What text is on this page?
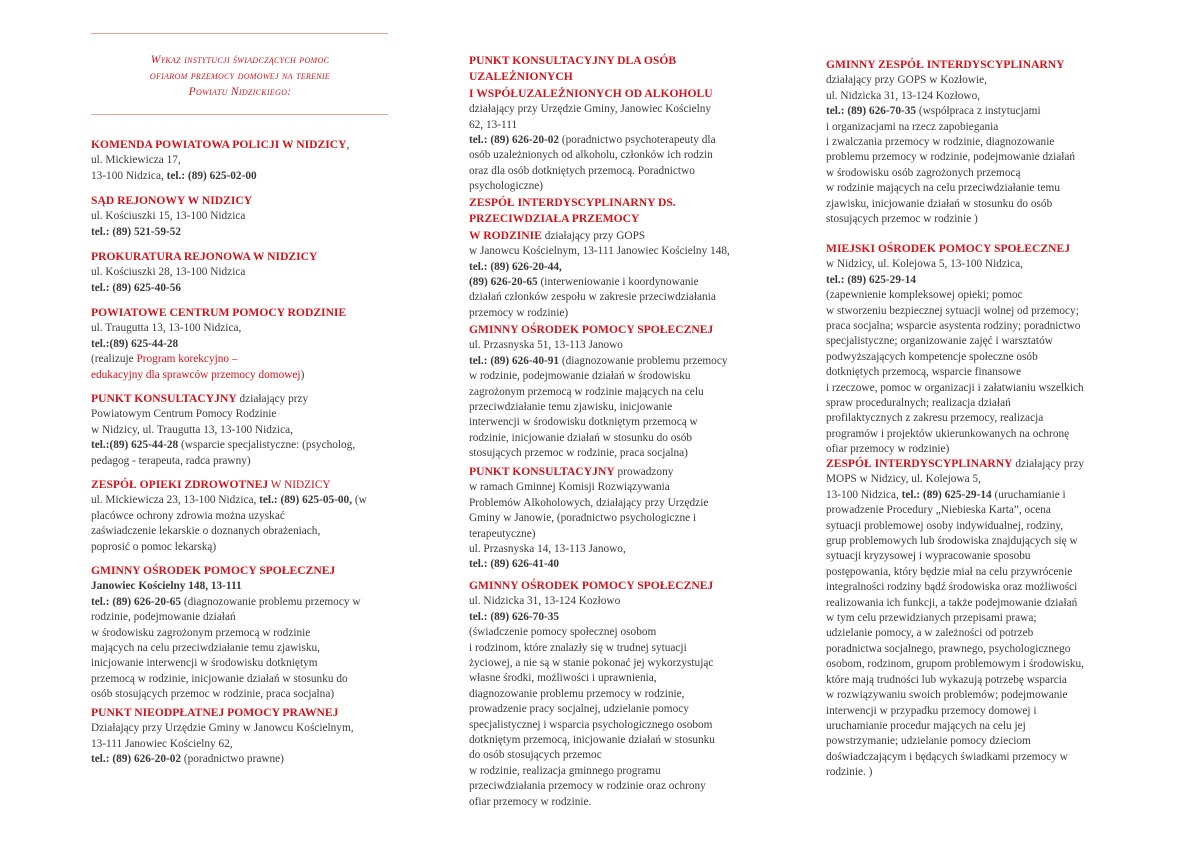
Wykaz instytucji świadczących pomoc
ofiarom przemocy domowej na terenie
Powiatu Nidzickiego:
KOMENDA POWIATOWA POLICJI W NIDZICY,
ul. Mickiewicza 17,
13-100 Nidzica, tel.: (89) 625-02-00
SĄD REJONOWY W NIDZICY
ul. Kościuszki 15, 13-100 Nidzica
tel.: (89) 521-59-52
PROKURATURA REJONOWA W NIDZICY
ul. Kościuszki 28, 13-100 Nidzica
tel.: (89) 625-40-56
POWIATOWE CENTRUM POMOCY RODZINIE
ul. Traugutta 13, 13-100 Nidzica,
tel.:(89) 625-44-28
(realizuje Program korekcyjno –
edukacyjny dla sprawców przemocy domowej)
PUNKT KONSULTACYJNY działający przy
Powiatowym Centrum Pomocy Rodzinie
w Nidzicy, ul. Traugutta 13, 13-100 Nidzica,
tel.:(89) 625-44-28 (wsparcie specjalistyczne: (psycholog,
pedagog - terapeuta, radca prawny)
ZESPÓŁ OPIEKI ZDROWOTNEJ W NIDZICY
ul. Mickiewicza 23, 13-100 Nidzica, tel.: (89) 625-05-00, (w
placówce ochrony zdrowia można uzyskać
zaświadczenie lekarskie o doznanych obrażeniach,
poprosić o pomoc lekarską)
GMINNY OŚRODEK POMOCY SPOŁECZNEJ
Janowiec Kościelny 148, 13-111
tel.: (89) 626-20-65 (diagnozowanie problemu przemocy w
rodzinie, podejmowanie działań
w środowisku zagrożonym przemocą w rodzinie
mających na celu przeciwdziałanie temu zjawisku,
inicjowanie interwencji w środowisku dotkniętym
przemocą w rodzinie, inicjowanie działań w stosunku do
osób stosujących przemoc w rodzinie, praca socjalna)
PUNKT NIEODPŁATNEJ POMOCY PRAWNEJ
Działający przy Urzędzie Gminy w Janowcu Kościelnym,
13-111 Janowiec Kościelny 62,
tel.: (89) 626-20-02 (poradnictwo prawne)
PUNKT KONSULTACYJNY DLA OSÓB
UZALEŻNIONYCH
I WSPÓŁUZALEŻNIONYCH OD ALKOHOLU
działający przy Urzędzie Gminy, Janowiec Kościelny
62, 13-111
tel.: (89) 626-20-02 (poradnictwo psychoterapeuty dla
osób uzależnionych od alkoholu, członków ich rodzin
oraz dla osób dotkniętych przemocą. Poradnictwo
psychologiczne)
ZESPÓŁ INTERDYSCYPLINARNY DS.
PRZECIWDZIAŁA PRZEMOCY
W RODZINIE działający przy GOPS
w Janowcu Kościelnym, 13-111 Janowiec Kościelny 148,
tel.: (89) 626-20-44,
(89) 626-20-65 (interweniowanie i koordynowanie
działań członków zespołu w zakresie przeciwdziałania
przemocy w rodzinie)
GMINNY OŚRODEK POMOCY SPOŁECZNEJ
ul. Przasnyska 51, 13-113 Janowo
tel.: (89) 626-40-91 (diagnozowanie problemu przemocy
w rodzinie, podejmowanie działań w środowisku
zagrożonym przemocą w rodzinie mających na celu
przeciwdziałanie temu zjawisku, inicjowanie
interwencji w środowisku dotkniętym przemocą w
rodzinie, inicjowanie działań w stosunku do osób
stosujących przemoc w rodzinie, praca socjalna)
PUNKT KONSULTACYJNY prowadzony
w ramach Gminnej Komisji Rozwiązywania
Problemów Alkoholowych, działający przy Urzędzie
Gminy w Janowie, (poradnictwo psychologiczne i
terapeutyczne)
ul. Przasnyska 14, 13-113 Janowo,
tel.: (89) 626-41-40
GMINNY OŚRODEK POMOCY SPOŁECZNEJ
ul. Nidzicka 31, 13-124 Kozłowo
tel.: (89) 626-70-35
(świadczenie pomocy społecznej osobom
i rodzinom, które znalazły się w trudnej sytuacji
życiowej, a nie są w stanie pokonać jej wykorzystując
własne środki, możliwości i uprawnienia,
diagnozowanie problemu przemocy w rodzinie,
prowadzenie pracy socjalnej, udzielanie pomocy
specjalistycznej i wsparcia psychologicznego osobom
dotkniętym przemocą, inicjowanie działań w stosunku
do osób stosujących przemoc
w rodzinie, realizacja gminnego programu
przeciwdziałania przemocy w rodzinie oraz ochrony
ofiar przemocy w rodzinie.
GMINNY ZESPÓŁ INTERDYSCYPLINARNY
działający przy GOPS w Kozłowie,
ul. Nidzicka 31, 13-124 Kozłowo,
tel.: (89) 626-70-35 (współpraca z instytucjami
i organizacjami na rzecz zapobiegania
i zwalczania przemocy w rodzinie, diagnozowanie
problemu przemocy w rodzinie, podejmowanie działań
w środowisku osób zagrożonych przemocą
w rodzinie mających na celu przeciwdziałanie temu
zjawisku, inicjowanie działań w stosunku do osób
stosujących przemoc w rodzinie )
MIEJSKI OŚRODEK POMOCY SPOŁECZNEJ
w Nidzicy, ul. Kolejowa 5, 13-100 Nidzica,
tel.: (89) 625-29-14
(zapewnienie kompleksowej opieki; pomoc
w stworzeniu bezpiecznej sytuacji wolnej od przemocy;
praca socjalna; wsparcie asystenta rodziny; poradnictwo
specjalistyczne; organizowanie zajęć i warsztatów
podwyższających kompetencje społeczne osób
dotkniętych przemocą, wsparcie finansowe
i rzeczowe, pomoc w organizacji i załatwianiu wszelkich
spraw proceduralnych; realizacja działań
profilaktycznych z zakresu przemocy, realizacja
programów i projektów ukierunkowanych na ochronę
ofiar przemocy w rodzinie)
ZESPÓŁ INTERDYSCYPLINARNY działający przy
MOPS w Nidzicy, ul. Kolejowa 5,
13-100 Nidzica, tel.: (89) 625-29-14 (uruchamianie i
prowadzenie Procedury „Niebieska Karta”, ocena
sytuacji problemowej osoby indywidualnej, rodziny,
grup problemowych lub środowiska znajdujących się w
sytuacji kryzysowej i wypracowanie sposobu
postępowania, który będzie miał na celu przywrócenie
integralności rodziny bądź środowiska oraz możliwości
realizowania ich funkcji, a także podejmowanie działań
w tym celu przewidzianych przepisami prawa;
udzielanie pomocy, a w zależności od potrzeb
poradnictwa socjalnego, prawnego, psychologicznego
osobom, rodzinom, grupom problemowym i środowisku,
które mają trudności lub wykazują potrzebę wsparcia
w rozwiązywaniu swoich problemów; podejmowanie
interwencji w przypadku przemocy domowej i
uruchamianie procedur mających na celu jej
powstrzymanie; udzielanie pomocy dzieciom
doświadczającym i będących świadkami przemocy w
rodzinie. )
